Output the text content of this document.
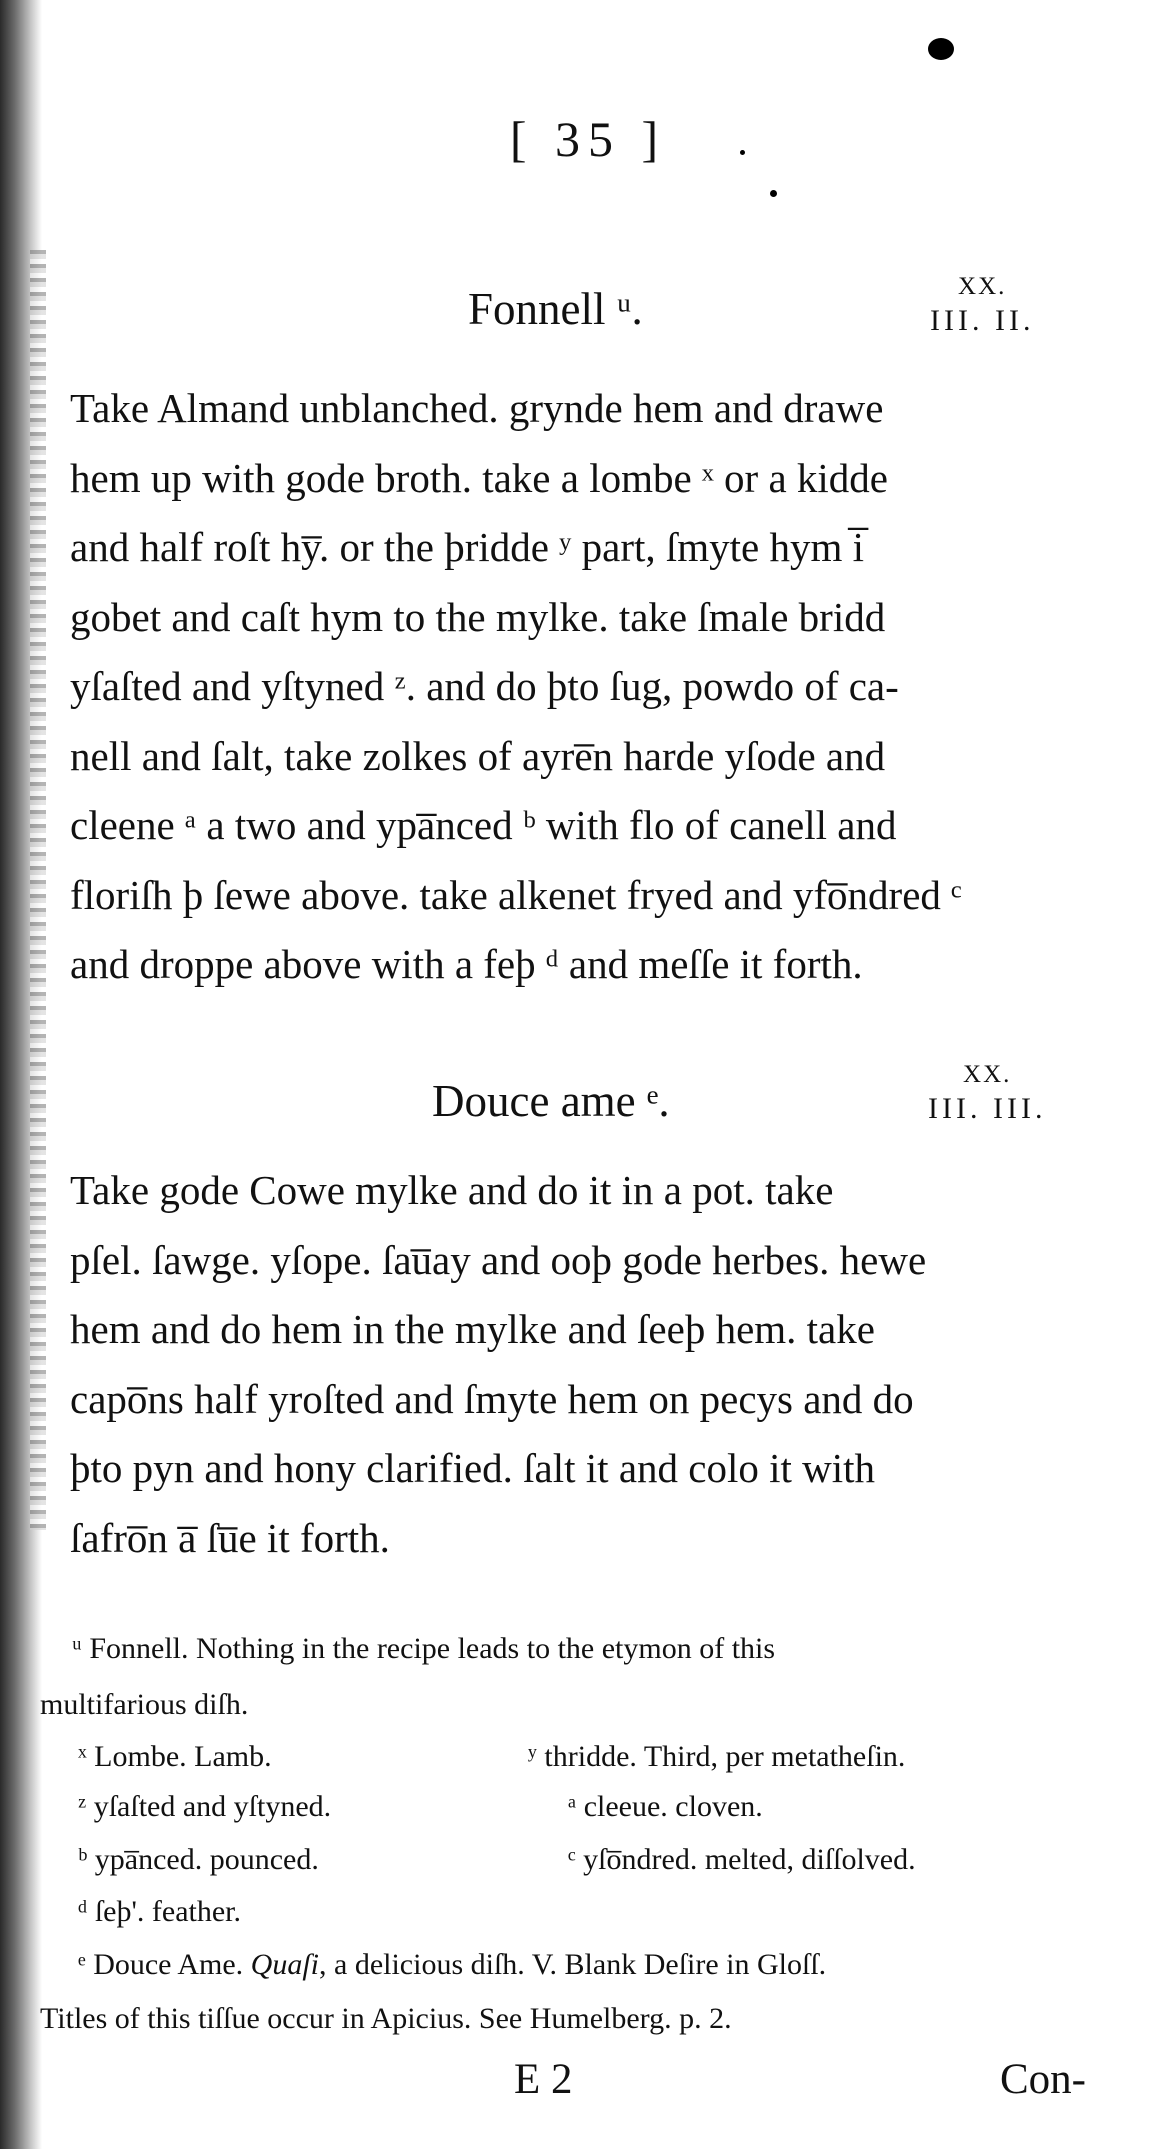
[ 35 ]
Fonnell ᵘ.	XX.
III. II.
Take Almand unblanched. grynde hem and drawe
hem up with gode broth. take a lombe ˣ or a kidde
and half roſt hy̅. or the þridde ʸ part, ſmyte hym i̅
gobet and caſt hym to the mylke. take ſmale bridd
yſaſted and yſtyned ᶻ. and do þto ſug, powdo of ca-
nell and ſalt, take zolkes of ayre̅n harde yſode and
cleene ᵃ a two and ypa̅nced ᵇ with flo of canell and
floriſh þ ſewe above. take alkenet fryed and yfo̅ndred ᶜ
and droppe above with a feþ ᵈ and meſſe it forth.
Douce ame ᵉ.
XX.
III. III.
Take gode Cowe mylke and do it in a pot. take
pſel. ſawge. yſope. ſau̅ay and ooþ gode herbes. hewe
hem and do hem in the mylke and ſeeþ hem. take
capo̅ns half yroſted and ſmyte hem on pecys and do
þto pyn and hony clarified. ſalt it and colo it with
ſafro̅n a̅ ſu̅e it forth.
ᵘ Fonnell. Nothing in the recipe leads to the etymon of this
multifarious diſh.
ˣ Lombe. Lamb.	ʸ thridde. Third, per metatheſin.
ᶻ yſaſted and yſtyned.	ᵃ cleeue. cloven.
ᵇ ypa̅nced. pounced.	ᶜ yſo̅ndred. melted, diſſolved.
ᵈ ſeþ'. feather.
ᵉ Douce Ame. Quaſi, a delicious diſh. V. Blank Deſire in Gloſſ.
Titles of this tiſſue occur in Apicius. See Humelberg. p. 2.
E 2	Con-
